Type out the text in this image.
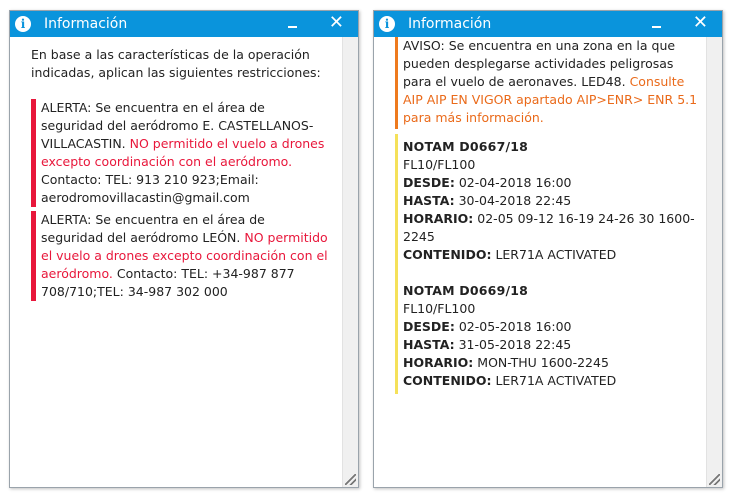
i	Información	✕
En base a las características de la operación indicadas, aplican las siguientes restricciones:
ALERTA: Se encuentra en el área de seguridad del aeródromo E. CASTELLANOS-VILLACASTIN. NO permitido el vuelo a drones excepto coordinación con el aeródromo. Contacto: TEL: 913 210 923;Email: aerodromovillacastin@gmail.com
ALERTA: Se encuentra en el área de seguridad del aeródromo LEÓN. NO permitido el vuelo a drones excepto coordinación con el aeródromo. Contacto: TEL: +34-987 877 708/710;TEL: 34-987 302 000
i	Información	✕
AVISO: Se encuentra en una zona en la que pueden desplegarse actividades peligrosas para el vuelo de aeronaves. LED48. Consulte AIP AIP EN VIGOR apartado AIP>ENR> ENR 5.1 para más información.
NOTAM D0667/18
FL10/FL100
DESDE: 02-04-2018 16:00
HASTA: 30-04-2018 22:45
HORARIO: 02-05 09-12 16-19 24-26 30 1600-2245
CONTENIDO: LER71A ACTIVATED
NOTAM D0669/18
FL10/FL100
DESDE: 02-05-2018 16:00
HASTA: 31-05-2018 22:45
HORARIO: MON-THU 1600-2245
CONTENIDO: LER71A ACTIVATED
